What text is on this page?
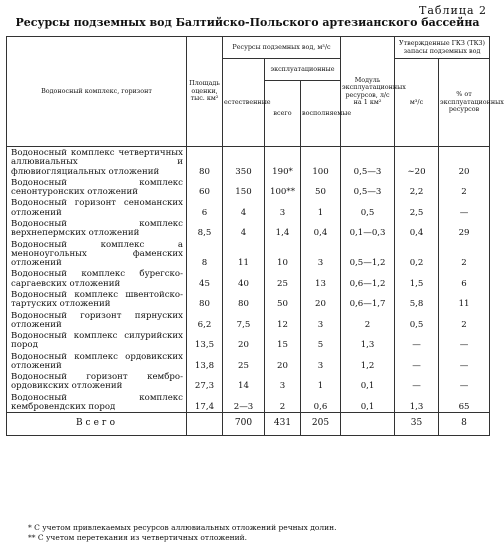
Таблица 2
Ресурсы подземных вод Балтийско-Польского артезианского бассейна
Водоносный комплекс, горизонт	Площадь оценки, тыс. км²	Ресурсы подземных вод, м³/с			Модуль эксплуатационных ресурсов, л/с на 1 км²	Утвержденные ГКЗ (ТКЗ) запасы подземных вод	
		естественные	эксплуатационные			м³/с	% от эксплуатационных ресурсов
			всего	восполняемые			
Водоносный комплекс четвертичных аллювиальных и флювиогляциальных отложений	80	350	190*	100	0,5—3	∼20	20
Водоносный комплекс сенонтуронских отложений	60	150	100**	50	0,5—3	2,2	2
Водоносный горизонт сеноманских отложений	6	4	3	1	0,5	2,5	—
Водоносный комплекс верхнепермских отложений	8,5	4	1,4	0,4	0,1—0,3	0,4	29
Водоносный комплекс а меноноугольных фаменских отложений	8	11	10	3	0,5—1,2	0,2	2
Водоносный комплекс бурегско-саргаевских отложений	45	40	25	13	0,6—1,2	1,5	6
Водоносный комплекс швентойско-тартуских отложений	80	80	50	20	0,6—1,7	5,8	11
Водоносный горизонт пярнуских отложений	6,2	7,5	12	3	2	0,5	2
Водоносный комплекс силурийских пород	13,5	20	15	5	1,3	—	—
Водоносный комплекс ордовикских отложений	13,8	25	20	3	1,2	—	—
Водоносный горизонт кембро-ордовикских отложений	27,3	14	3	1	0,1	—	—
Водоносный комплекс кембровендских пород	17,4	2—3	2	0,6	0,1	1,3	65
Всего		700	431	205		35	8
* С учетом привлекаемых ресурсов аллювиальных отложений речных долин.
** С учетом перетекания из четвертичных отложений.
